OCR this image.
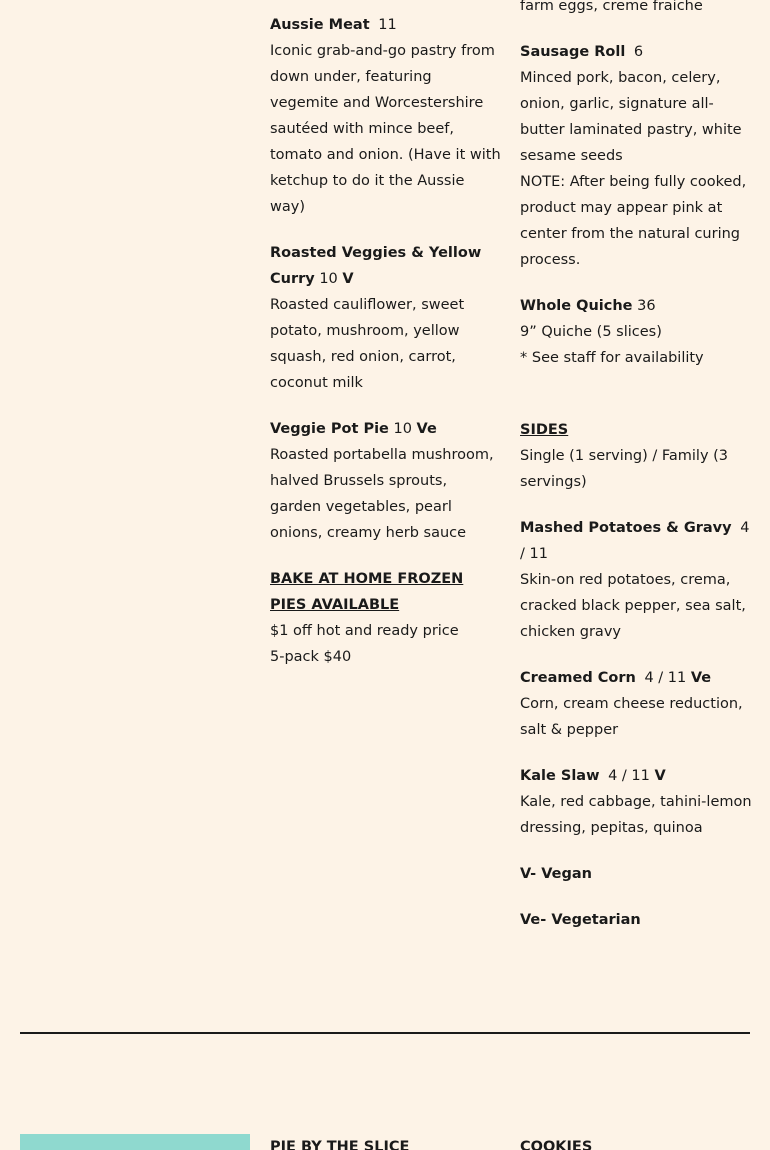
Aussie Meat 11
Iconic grab-and-go pastry from down under, featuring vegemite and Worcestershire sautéed with mince beef, tomato and onion. (Have it with ketchup to do it the Aussie way)
Roasted Veggies & Yellow Curry 10 V
Roasted cauliflower, sweet potato, mushroom, yellow squash, red onion, carrot, coconut milk
Veggie Pot Pie 10 Ve
Roasted portabella mushroom, halved Brussels sprouts, garden vegetables, pearl onions, creamy herb sauce
BAKE AT HOME FROZEN PIES AVAILABLE
$1 off hot and ready price
5-pack $40
farm eggs, creme fraiche
Sausage Roll 6
Minced pork, bacon, celery, onion, garlic, signature all-butter laminated pastry, white sesame seeds
NOTE: After being fully cooked, product may appear pink at center from the natural curing process.
Whole Quiche 36
9” Quiche (5 slices)
* See staff for availability
SIDES
Single (1 serving) / Family (3 servings)
Mashed Potatoes & Gravy 4 / 11
Skin-on red potatoes, crema, cracked black pepper, sea salt, chicken gravy
Creamed Corn 4 / 11 Ve
Corn, cream cheese reduction, salt & pepper
Kale Slaw 4 / 11 V
Kale, red cabbage, tahini-lemon dressing, pepitas, quinoa
V- Vegan
Ve- Vegetarian
PIE BY THE SLICE	COOKIES
